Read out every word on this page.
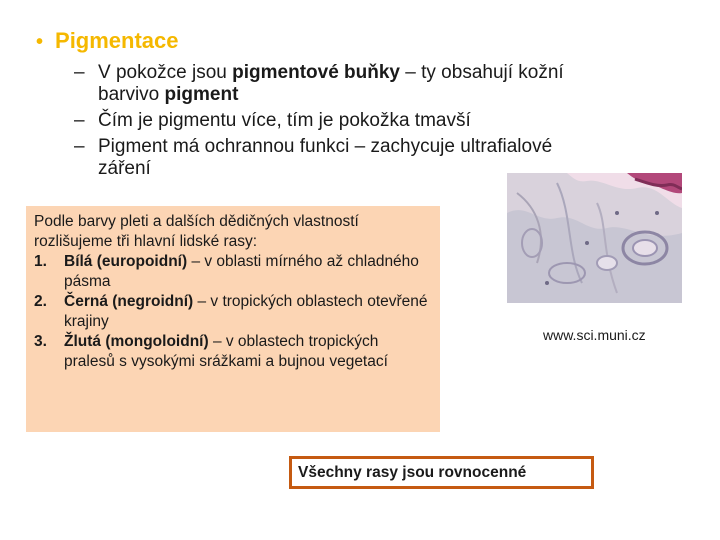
• Pigmentace
– V pokožce jsou pigmentové buňky – ty obsahují kožní barvivo pigment
– Čím je pigmentu více, tím je pokožka tmavší
– Pigment má ochrannou funkci – zachycuje ultrafialové záření
www.sci.muni.cz

Podle barvy pleti a dalších dědičných vlastností rozlišujeme tři hlavní lidské rasy:

1. Bílá (europoidní) – v oblasti mírného až chladného pásma
2. Černá (negroidní) – v tropických oblastech otevřené krajiny
3. Žlutá (mongoloidní) – v oblastech tropických pralesů s vysokými srážkami a bujnou vegetací
Všechny rasy jsou rovnocenné
